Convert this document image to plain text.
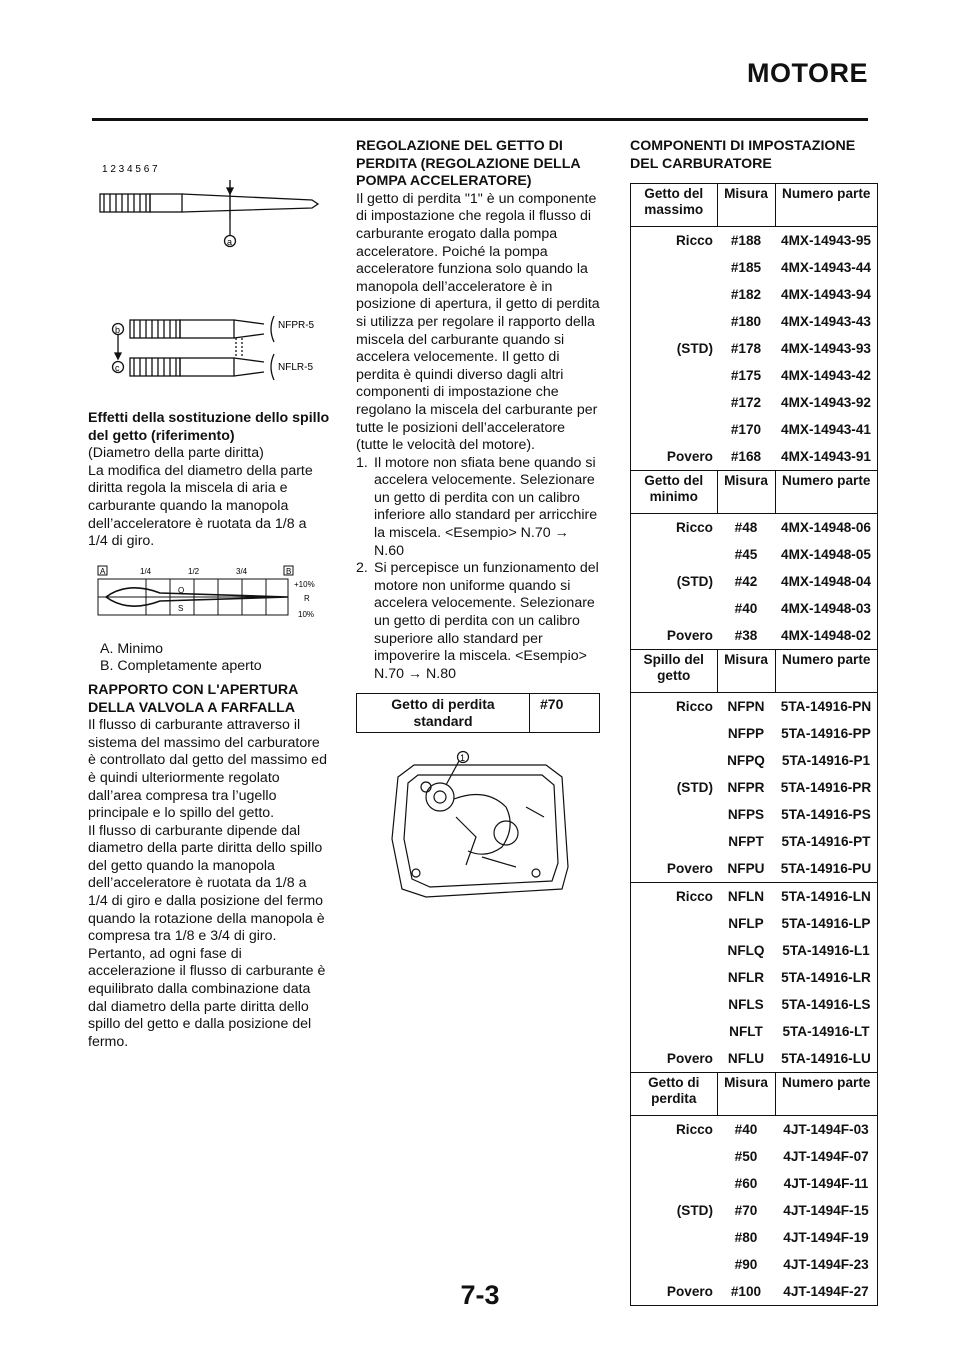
MOTORE
1 2 3 4 5 6 7
a
b
c
NFPR-5
NFLR-5

Effetti della sostituzione dello spillo del getto (riferimento)

(Diametro della parte diritta)

La modifica del diametro della parte diritta regola la miscela di aria e carburante quando la manopola dell’acceleratore è ruotata da 1/8 a 1/4 di giro.

A	B
1/4	1/2	3/4
Q
S
+10%
R
10%

A. Minimo

B. Completamente aperto

RAPPORTO CON L'APERTURA DELLA VALVOLA A FARFALLA

Il flusso di carburante attraverso il sistema del massimo del carburatore è controllato dal getto del massimo ed è quindi ulteriormente regolato dall’area compresa tra l’ugello principale e lo spillo del getto.

Il flusso di carburante dipende dal diametro della parte diritta dello spillo del getto quando la manopola dell’acceleratore è ruotata da 1/8 a 1/4 di giro e dalla posizione del fermo quando la rotazione della manopola è compresa tra 1/8 e 3/4 di giro.

Pertanto, ad ogni fase di accelerazione il flusso di carburante è equilibrato dalla combinazione data dal diametro della parte diritta dello spillo del getto e dalla posizione del fermo.

REGOLAZIONE DEL GETTO DI PERDITA (REGOLAZIONE DELLA POMPA ACCELERATORE)

Il getto di perdita "1" è un componente di impostazione che regola il flusso di carburante erogato dalla pompa acceleratore. Poiché la pompa acceleratore funziona solo quando la manopola dell’acceleratore è in posizione di apertura, il getto di perdita si utilizza per regolare il rapporto della miscela del carburante quando si accelera velocemente. Il getto di perdita è quindi diverso dagli altri componenti di impostazione che regolano la miscela del carburante per tutte le posizioni dell’acceleratore (tutte le velocità del motore).

1. Il motore non sfiata bene quando si accelera velocemente. Selezionare un getto di perdita con un calibro inferiore allo standard per arricchire la miscela. <Esempio> N.70 → N.60
2. Si percepisce un funzionamento del motore non uniforme quando si accelera velocemente. Selezionare un getto di perdita con un calibro superiore allo standard per impoverire la miscela. <Esempio> N.70 → N.80
Getto di perdita standard
#70
1

COMPONENTI DI IMPOSTAZIONE DEL CARBURATORE

Getto del massimo	Misura	Numero parte
Ricco	#188	4MX-14943-95
	#185	4MX-14943-44
	#182	4MX-14943-94
	#180	4MX-14943-43
(STD)	#178	4MX-14943-93
	#175	4MX-14943-42
	#172	4MX-14943-92
	#170	4MX-14943-41
Povero	#168	4MX-14943-91
Getto del minimo	Misura	Numero parte
Ricco	#48	4MX-14948-06
	#45	4MX-14948-05
(STD)	#42	4MX-14948-04
	#40	4MX-14948-03
Povero	#38	4MX-14948-02
Spillo del getto	Misura	Numero parte
Ricco	NFPN	5TA-14916-PN
	NFPP	5TA-14916-PP
	NFPQ	5TA-14916-P1
(STD)	NFPR	5TA-14916-PR
	NFPS	5TA-14916-PS
	NFPT	5TA-14916-PT
Povero	NFPU	5TA-14916-PU
Ricco	NFLN	5TA-14916-LN
	NFLP	5TA-14916-LP
	NFLQ	5TA-14916-L1
	NFLR	5TA-14916-LR
	NFLS	5TA-14916-LS
	NFLT	5TA-14916-LT
Povero	NFLU	5TA-14916-LU
Getto di perdita	Misura	Numero parte
Ricco	#40	4JT-1494F-03
	#50	4JT-1494F-07
	#60	4JT-1494F-11
(STD)	#70	4JT-1494F-15
	#80	4JT-1494F-19
	#90	4JT-1494F-23
Povero	#100	4JT-1494F-27
7-3
